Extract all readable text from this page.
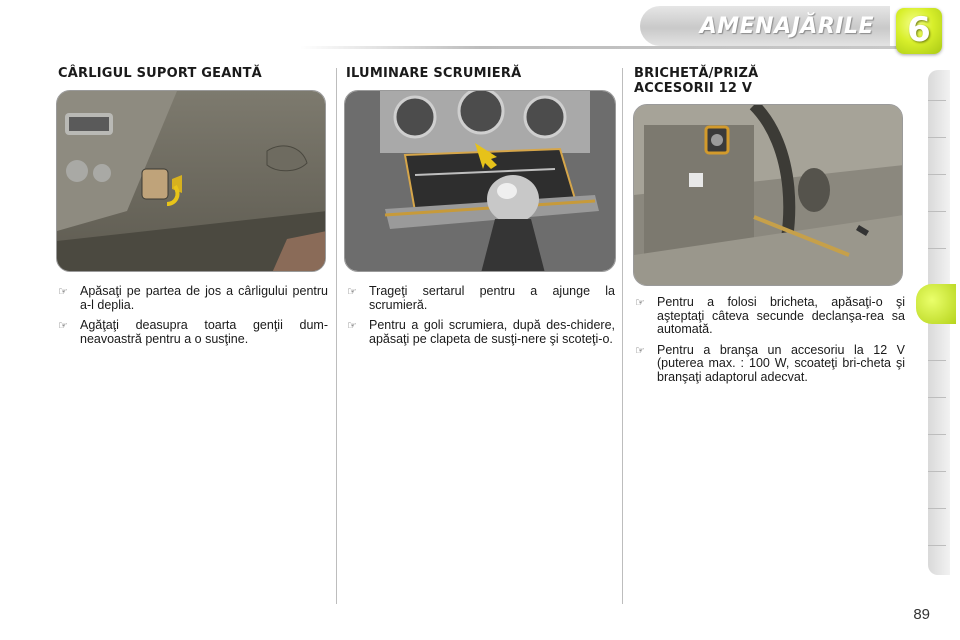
AMENAJĂRILE 6
CÂRLIGUL SUPORT GEANTĂ
☞ Apăsaţi pe partea de jos a cârligului pentru a-l deplia.
☞ Agăţaţi deasupra toarta genţii dum-neavoastră pentru a o susţine.
ILUMINARE SCRUMIERĂ
☞ Trageţi sertarul pentru a ajunge la scrumieră.
☞ Pentru a goli scrumiera, după des-chidere, apăsaţi pe clapeta de susţi-nere şi scoteţi-o.
BRICHETĂ/PRIZĂ
ACCESORII 12 V
☞ Pentru a folosi bricheta, apăsaţi-o şi aşteptaţi câteva secunde declanşa-rea sa automată.
☞ Pentru a branşa un accesoriu la 12 V (puterea max. : 100 W, scoateţi bri-cheta şi branşaţi adaptorul adecvat.
89
